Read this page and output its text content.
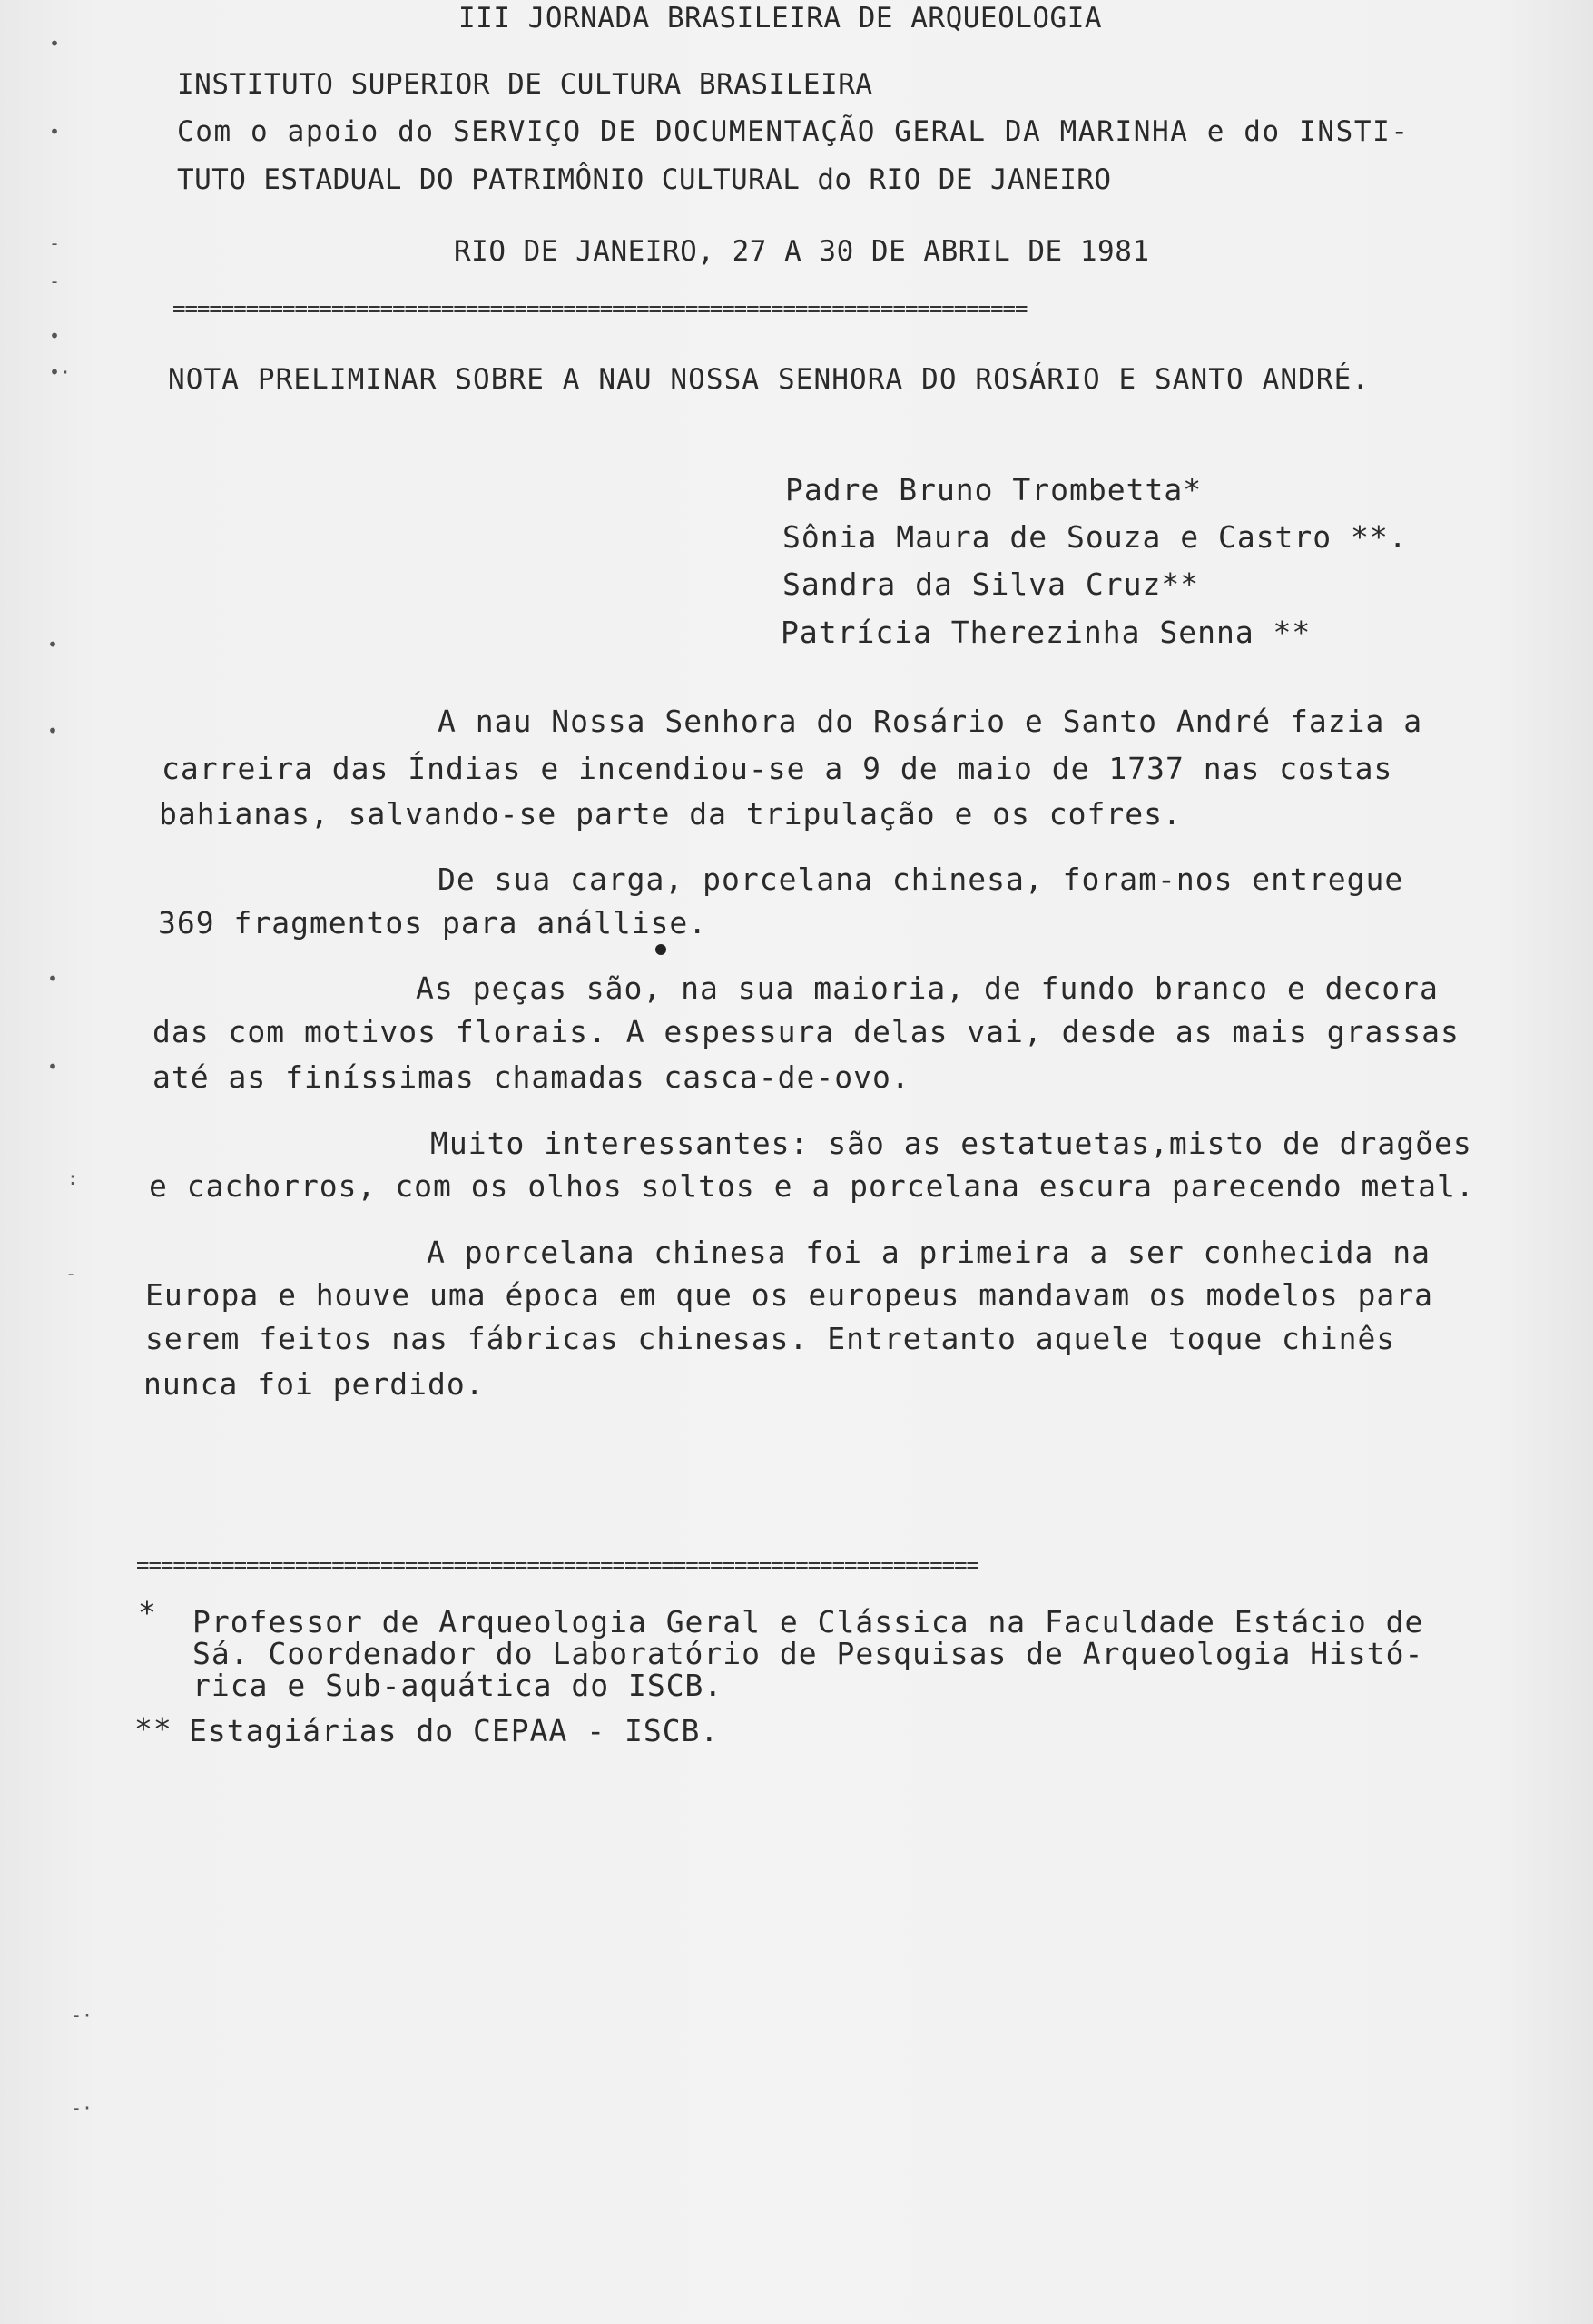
•
•
-
-
•
•·
•
•
•
•
:
-
-·
-·
III JORNADA BRASILEIRA DE ARQUEOLOGIA
INSTITUTO SUPERIOR DE CULTURA BRASILEIRA
Com o apoio do SERVIÇO DE DOCUMENTAÇÃO GERAL DA MARINHA e do INSTI-
TUTO ESTADUAL DO PATRIMÔNIO CULTURAL do RIO DE JANEIRO
RIO DE JANEIRO, 27 A 30 DE ABRIL DE 1981
======================================================================
NOTA PRELIMINAR SOBRE A NAU NOSSA SENHORA DO ROSÁRIO E SANTO ANDRÉ.
Padre Bruno Trombetta*
Sônia Maura de Souza e Castro **.
Sandra da Silva Cruz**
Patrícia Therezinha Senna **
A nau Nossa Senhora do Rosário e Santo André fazia a
carreira das Índias e incendiou-se a 9 de maio de 1737 nas costas
bahianas, salvando-se parte da tripulação e os cofres.
De sua carga, porcelana chinesa, foram-nos entregue
369 fragmentos para anállise.
As peças são, na sua maioria, de fundo branco e decora
das com motivos florais. A espessura delas vai, desde as mais grassas
até as finíssimas chamadas casca-de-ovo.
Muito interessantes: são as estatuetas,misto de dragões
e cachorros, com os olhos soltos e a porcelana escura parecendo metal.
A porcelana chinesa foi a primeira a ser conhecida na
Europa e houve uma época em que os europeus mandavam os modelos para
serem feitos nas fábricas chinesas. Entretanto aquele toque chinês
nunca foi perdido.
=====================================================================
* Professor de Arqueologia Geral e Clássica na Faculdade Estácio de
Sá. Coordenador do Laboratório de Pesquisas de Arqueologia Histó-
rica e Sub-aquática do ISCB.
** Estagiárias do CEPAA - ISCB.
